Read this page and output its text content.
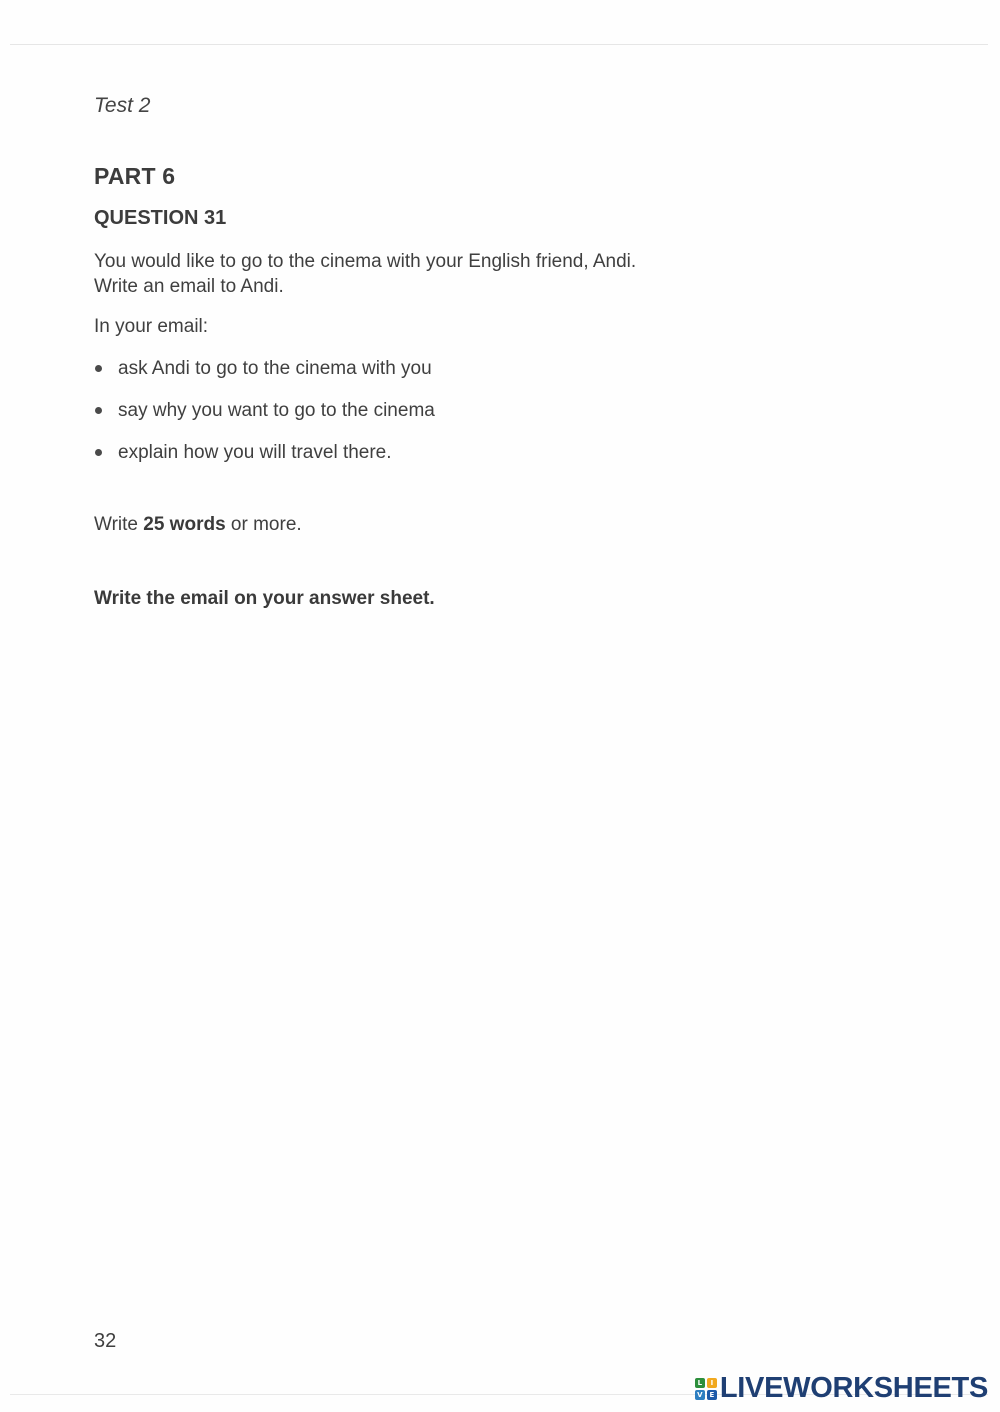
Test 2
PART 6
QUESTION 31

You would like to go to the cinema with your English friend, Andi.

Write an email to Andi.

In your email:
ask Andi to go to the cinema with you
say why you want to go to the cinema
explain how you will travel there.
Write 25 words or more.
Write the email on your answer sheet.
32
L	I
V E LIVEWORKSHEETS
